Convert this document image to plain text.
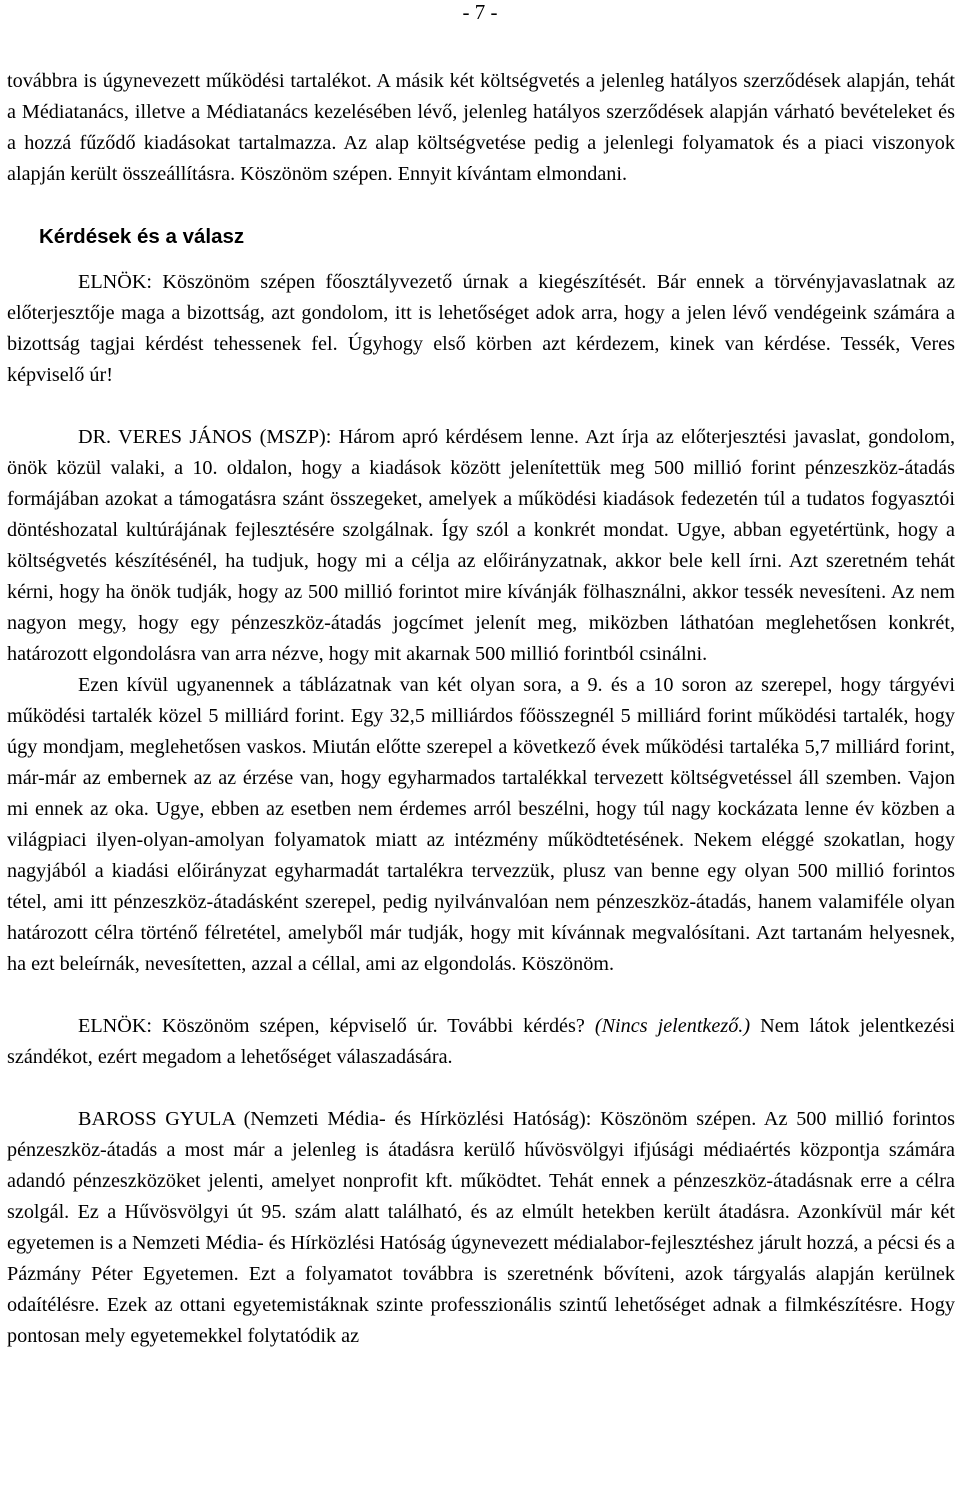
- 7 -

továbbra is úgynevezett működési tartalékot. A másik két költségvetés a jelenleg hatályos szerződések alapján, tehát a Médiatanács, illetve a Médiatanács kezelésében lévő, jelenleg hatályos szerződések alapján várható bevételeket és a hozzá fűződő kiadásokat tartalmazza. Az alap költségvetése pedig a jelenlegi folyamatok és a piaci viszonyok alapján került összeállításra. Köszönöm szépen. Ennyit kívántam elmondani.

Kérdések és a válasz

ELNÖK: Köszönöm szépen főosztályvezető úrnak a kiegészítését. Bár ennek a törvényjavaslatnak az előterjesztője maga a bizottság, azt gondolom, itt is lehetőséget adok arra, hogy a jelen lévő vendégeink számára a bizottság tagjai kérdést tehessenek fel. Úgyhogy első körben azt kérdezem, kinek van kérdése. Tessék, Veres képviselő úr!

DR. VERES JÁNOS (MSZP): Három apró kérdésem lenne. Azt írja az előterjesztési javaslat, gondolom, önök közül valaki, a 10. oldalon, hogy a kiadások között jelenítettük meg 500 millió forint pénzeszköz-átadás formájában azokat a támogatásra szánt összegeket, amelyek a működési kiadások fedezetén túl a tudatos fogyasztói döntéshozatal kultúrájának fejlesztésére szolgálnak. Így szól a konkrét mondat. Ugye, abban egyetértünk, hogy a költségvetés készítésénél, ha tudjuk, hogy mi a célja az előirányzatnak, akkor bele kell írni. Azt szeretném tehát kérni, hogy ha önök tudják, hogy az 500 millió forintot mire kívánják fölhasználni, akkor tessék nevesíteni. Az nem nagyon megy, hogy egy pénzeszköz-átadás jogcímet jelenít meg, miközben láthatóan meglehetősen konkrét, határozott elgondolásra van arra nézve, hogy mit akarnak 500 millió forintból csinálni.

Ezen kívül ugyanennek a táblázatnak van két olyan sora, a 9. és a 10 soron az szerepel, hogy tárgyévi működési tartalék közel 5 milliárd forint. Egy 32,5 milliárdos főösszegnél 5 milliárd forint működési tartalék, hogy úgy mondjam, meglehetősen vaskos. Miután előtte szerepel a következő évek működési tartaléka 5,7 milliárd forint, már-már az embernek az az érzése van, hogy egyharmados tartalékkal tervezett költségvetéssel áll szemben. Vajon mi ennek az oka. Ugye, ebben az esetben nem érdemes arról beszélni, hogy túl nagy kockázata lenne év közben a világpiaci ilyen-olyan-amolyan folyamatok miatt az intézmény működtetésének. Nekem eléggé szokatlan, hogy nagyjából a kiadási előirányzat egyharmadát tartalékra tervezzük, plusz van benne egy olyan 500 millió forintos tétel, ami itt pénzeszköz-átadásként szerepel, pedig nyilvánvalóan nem pénzeszköz-átadás, hanem valamiféle olyan határozott célra történő félretétel, amelyből már tudják, hogy mit kívánnak megvalósítani. Azt tartanám helyesnek, ha ezt beleírnák, nevesítetten, azzal a céllal, ami az elgondolás. Köszönöm.

ELNÖK: Köszönöm szépen, képviselő úr. További kérdés? (Nincs jelentkező.) Nem látok jelentkezési szándékot, ezért megadom a lehetőséget válaszadására.

BAROSS GYULA (Nemzeti Média- és Hírközlési Hatóság): Köszönöm szépen. Az 500 millió forintos pénzeszköz-átadás a most már a jelenleg is átadásra kerülő hűvösvölgyi ifjúsági médiaértés központja számára adandó pénzeszközöket jelenti, amelyet nonprofit kft. működtet. Tehát ennek a pénzeszköz-átadásnak erre a célra szolgál. Ez a Hűvösvölgyi út 95. szám alatt található, és az elmúlt hetekben került átadásra. Azonkívül már két egyetemen is a Nemzeti Média- és Hírközlési Hatóság úgynevezett médialabor-fejlesztéshez járult hozzá, a pécsi és a Pázmány Péter Egyetemen. Ezt a folyamatot továbbra is szeretnénk bővíteni, azok tárgyalás alapján kerülnek odaítélésre. Ezek az ottani egyetemistáknak szinte professzionális szintű lehetőséget adnak a filmkészítésre. Hogy pontosan mely egyetemekkel folytatódik az
